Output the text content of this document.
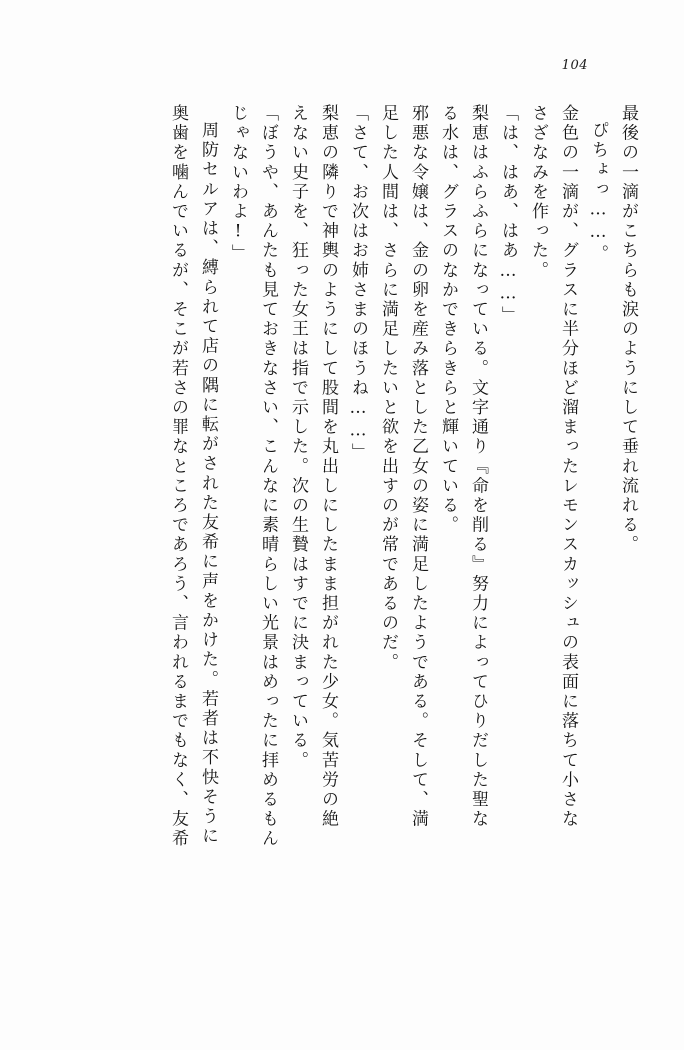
104
最後の一滴がこちらも涙のようにして垂れ流れる。
ぴちょっ……。
金色の一滴が、グラスに半分ほど溜まったレモンスカッシュの表面に落ちて小さな
さざなみを作った。
「は、はあ、はあ……」
梨恵はふらふらになっている。文字通り『命を削る』努力によってひりだした聖な
る水は、グラスのなかできらきらと輝いている。
邪悪な令嬢は、金の卵を産み落とした乙女の姿に満足したようである。そして、満
足した人間は、さらに満足したいと欲を出すのが常であるのだ。
「さて、お次はお姉さまのほうね……」
梨恵の隣りで神輿のようにして股間を丸出しにしたまま担がれた少女。気苦労の絶
えない史子を、狂った女王は指で示した。次の生贄はすでに決まっている。
「ぼうや、あんたも見ておきなさい、こんなに素晴らしい光景はめったに拝めるもん
じゃないわよ!」
周防セルアは、縛られて店の隅に転がされた友希に声をかけた。若者は不快そうに
奥歯を噛んでいるが、そこが若さの罪なところであろう、言われるまでもなく、友希
